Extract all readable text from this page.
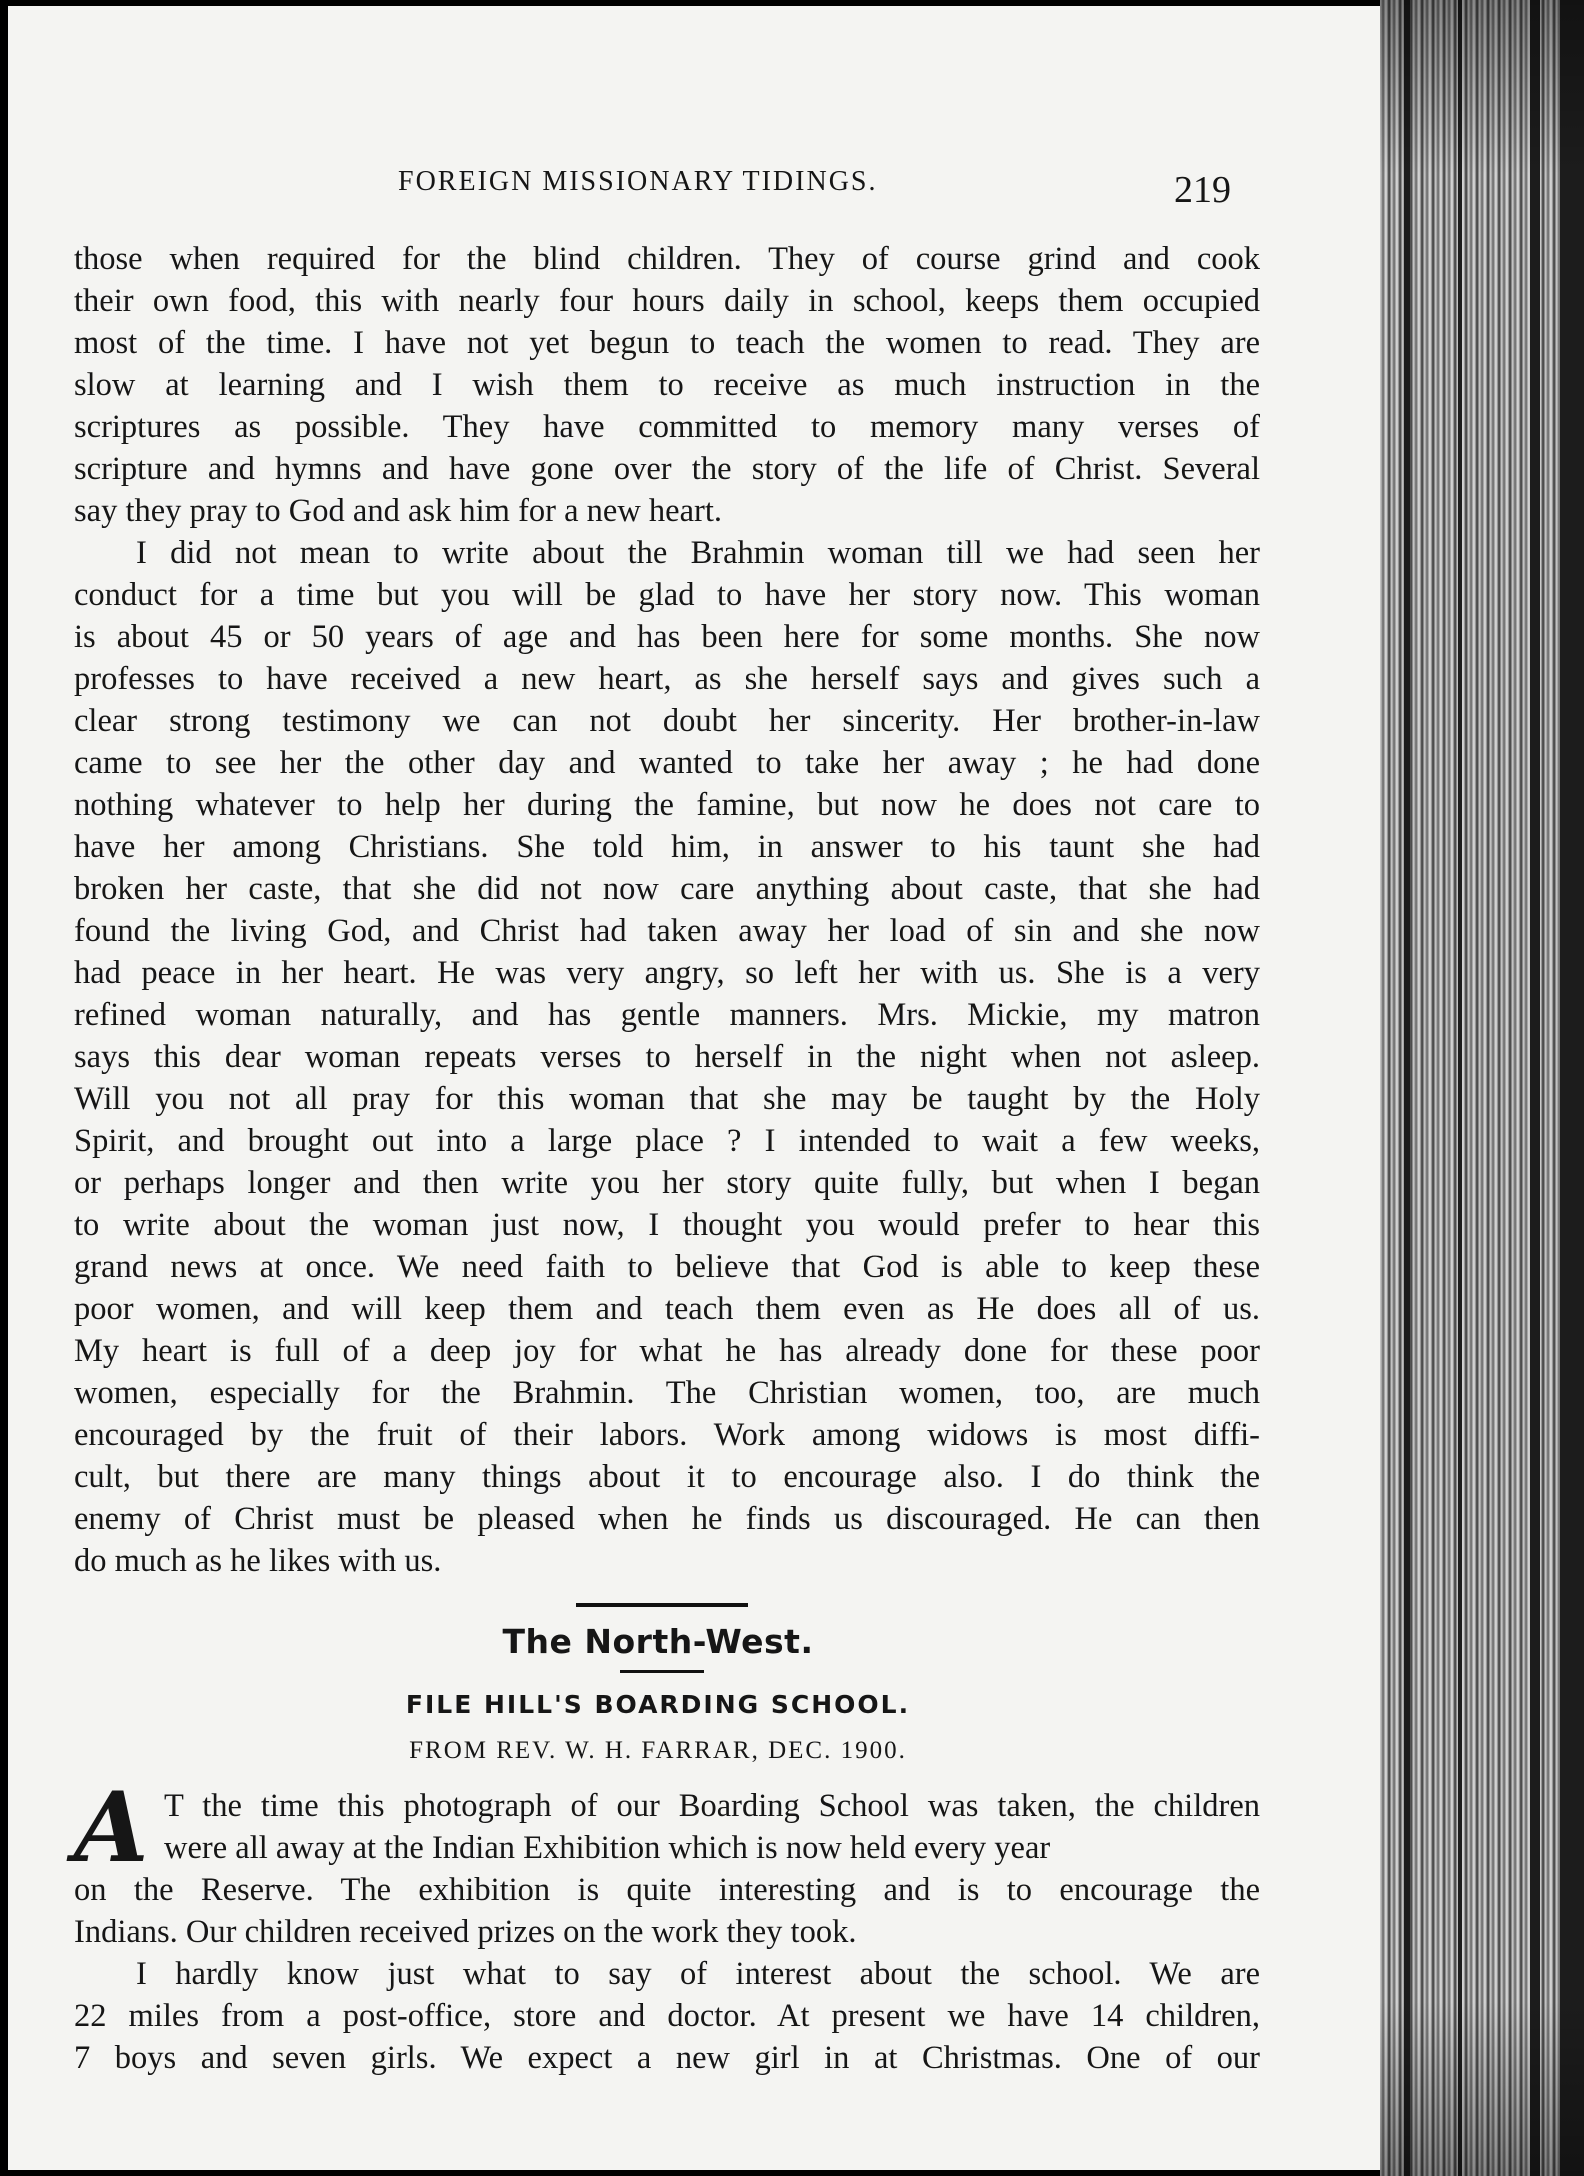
FOREIGN MISSIONARY TIDINGS.	219
those when required for the blind children. They of course grind and cook
their own food, this with nearly four hours daily in school, keeps them occupied
most of the time. I have not yet begun to teach the women to read. They are
slow at learning and I wish them to receive as much instruction in the
scriptures as possible. They have committed to memory many verses of
scripture and hymns and have gone over the story of the life of Christ. Several
say they pray to God and ask him for a new heart.
I did not mean to write about the Brahmin woman till we had seen her
conduct for a time but you will be glad to have her story now. This woman
is about 45 or 50 years of age and has been here for some months. She now
professes to have received a new heart, as she herself says and gives such a
clear strong testimony we can not doubt her sincerity. Her brother-in-law
came to see her the other day and wanted to take her away ; he had done
nothing whatever to help her during the famine, but now he does not care to
have her among Christians. She told him, in answer to his taunt she had
broken her caste, that she did not now care anything about caste, that she had
found the living God, and Christ had taken away her load of sin and she now
had peace in her heart. He was very angry, so left her with us. She is a very
refined woman naturally, and has gentle manners. Mrs. Mickie, my matron
says this dear woman repeats verses to herself in the night when not asleep.
Will you not all pray for this woman that she may be taught by the Holy
Spirit, and brought out into a large place ? I intended to wait a few weeks,
or perhaps longer and then write you her story quite fully, but when I began
to write about the woman just now, I thought you would prefer to hear this
grand news at once. We need faith to believe that God is able to keep these
poor women, and will keep them and teach them even as He does all of us.
My heart is full of a deep joy for what he has already done for these poor
women, especially for the Brahmin. The Christian women, too, are much
encouraged by the fruit of their labors. Work among widows is most diffi-
cult, but there are many things about it to encourage also. I do think the
enemy of Christ must be pleased when he finds us discouraged. He can then
do much as he likes with us.
The North-West.
FILE HILL'S BOARDING SCHOOL.
FROM REV. W. H. FARRAR, DEC. 1900.
A T the time this photograph of our Boarding School was taken, the children
were all away at the Indian Exhibition which is now held every year
on the Reserve. The exhibition is quite interesting and is to encourage the
Indians. Our children received prizes on the work they took.
I hardly know just what to say of interest about the school. We are
22 miles from a post-office, store and doctor. At present we have 14 children,
7 boys and seven girls. We expect a new girl in at Christmas. One of our
